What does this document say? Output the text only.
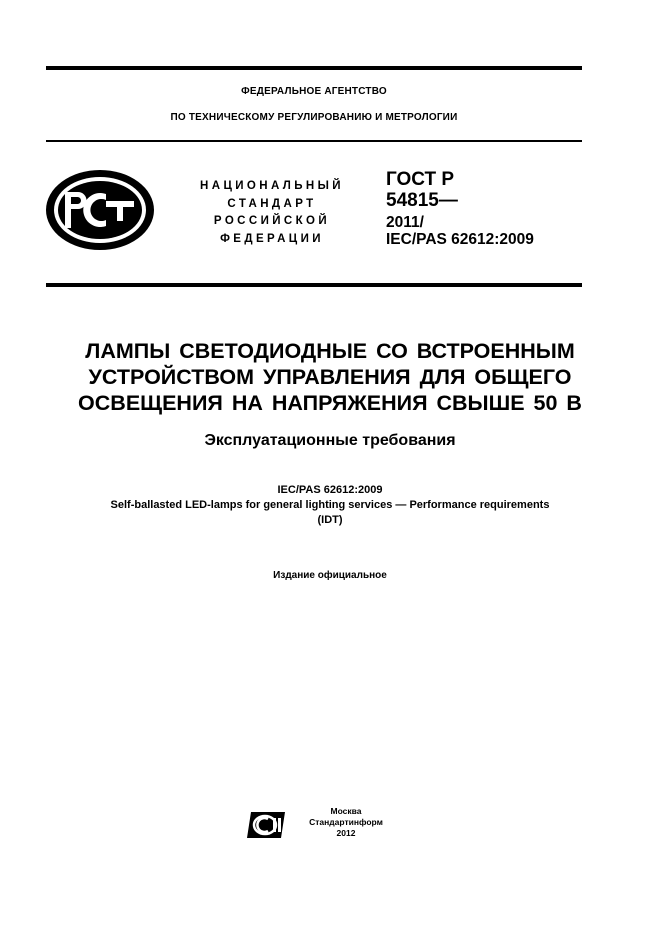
ФЕДЕРАЛЬНОЕ АГЕНТСТВО
ПО ТЕХНИЧЕСКОМУ РЕГУЛИРОВАНИЮ И МЕТРОЛОГИИ
НАЦИОНАЛЬНЫЙ
СТАНДАРТ
РОССИЙСКОЙ
ФЕДЕРАЦИИ
ГОСТ Р
54815—
2011/
IEC/PAS 62612:2009
ЛАМПЫ СВЕТОДИОДНЫЕ СО ВСТРОЕННЫМ
УСТРОЙСТВОМ УПРАВЛЕНИЯ ДЛЯ ОБЩЕГО
ОСВЕЩЕНИЯ НА НАПРЯЖЕНИЯ СВЫШЕ 50 В
Эксплуатационные требования
IEC/PAS 62612:2009
Self-ballasted LED-lamps for general lighting services — Performance requirements
(IDT)
Издание официальное
Москва
Стандартинформ
2012
